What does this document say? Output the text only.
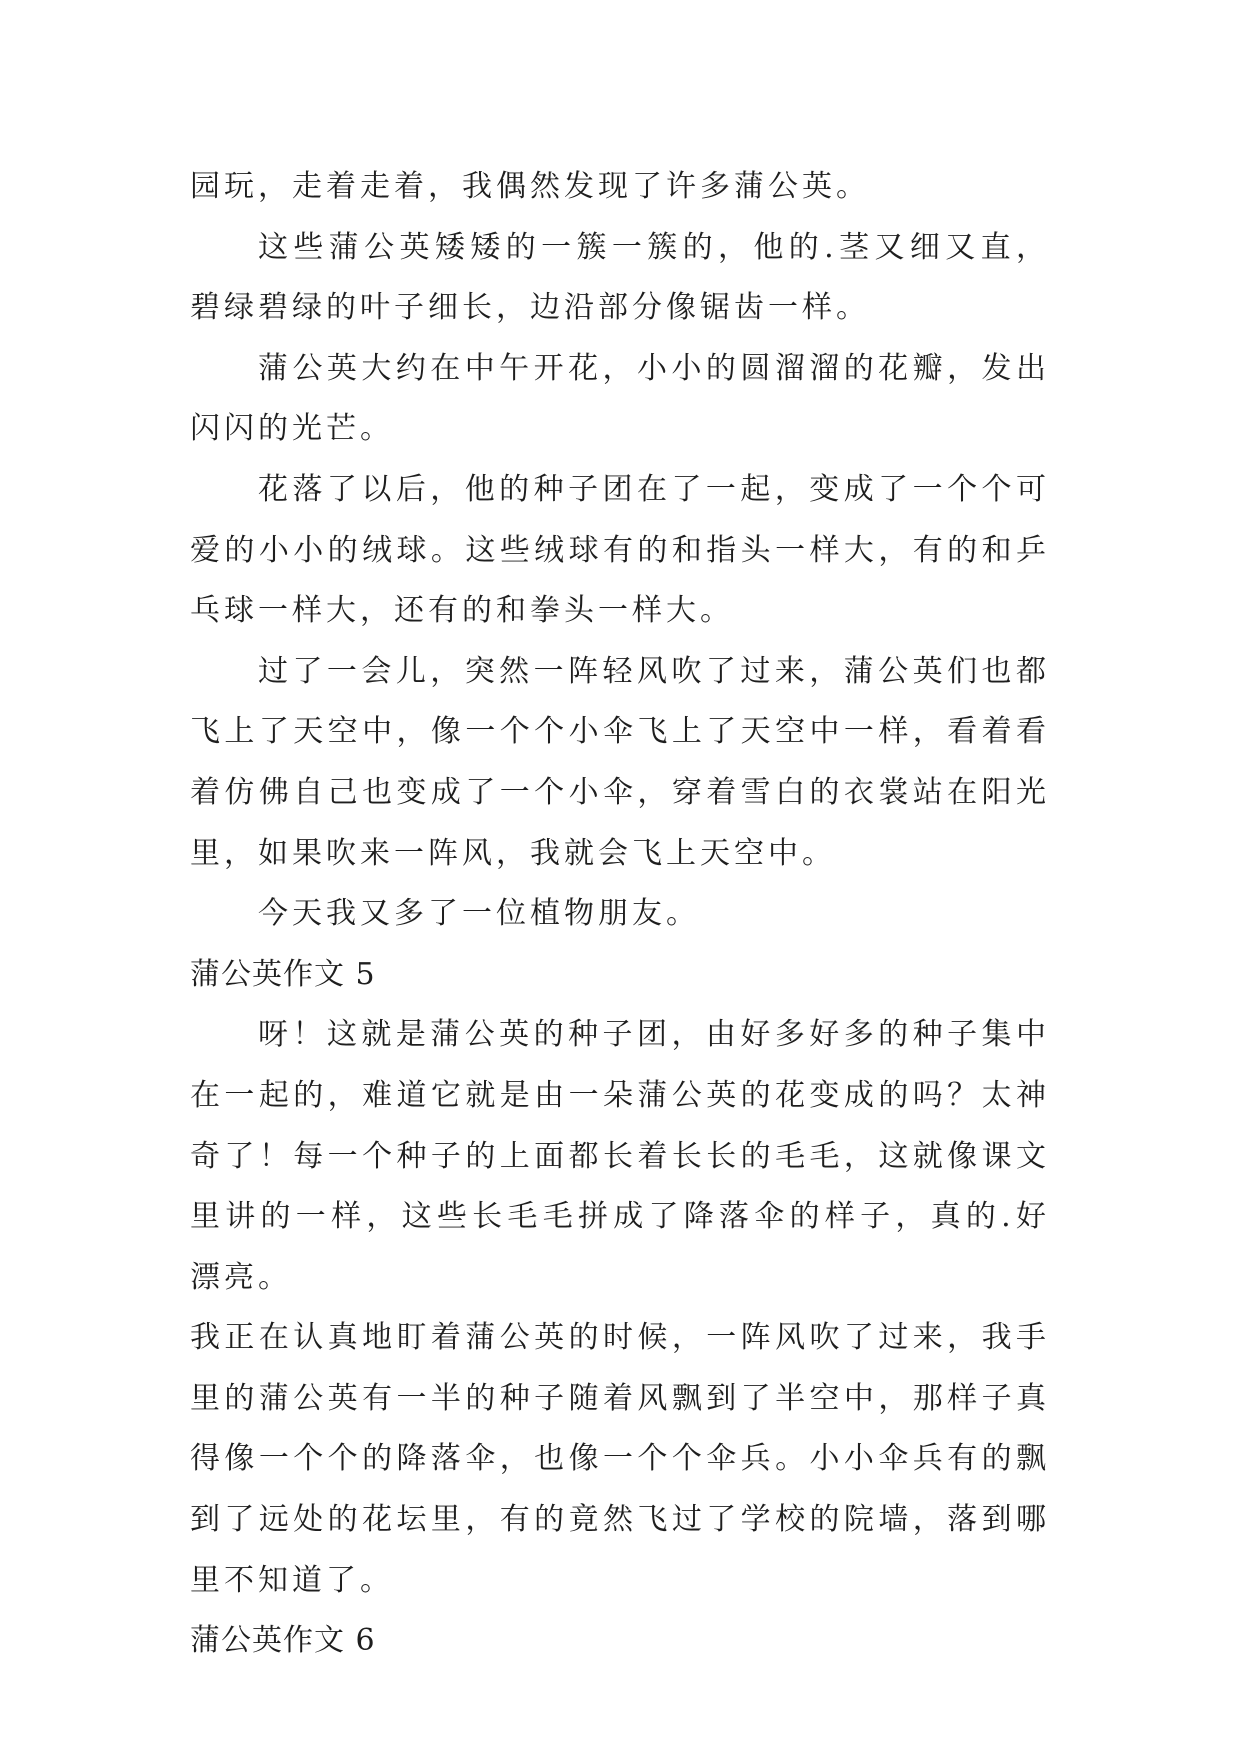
园玩，走着走着，我偶然发现了许多蒲公英。

这些蒲公英矮矮的一簇一簇的，他的.茎又细又直，碧绿碧绿的叶子细长，边沿部分像锯齿一样。

蒲公英大约在中午开花，小小的圆溜溜的花瓣，发出闪闪的光芒。

花落了以后，他的种子团在了一起，变成了一个个可爱的小小的绒球。这些绒球有的和指头一样大，有的和乒乓球一样大，还有的和拳头一样大。

过了一会儿，突然一阵轻风吹了过来，蒲公英们也都飞上了天空中，像一个个小伞飞上了天空中一样，看着看着仿佛自己也变成了一个小伞，穿着雪白的衣裳站在阳光里，如果吹来一阵风，我就会飞上天空中。

今天我又多了一位植物朋友。

蒲公英作文 5

呀！这就是蒲公英的种子团，由好多好多的种子集中在一起的，难道它就是由一朵蒲公英的花变成的吗？太神奇了！每一个种子的上面都长着长长的毛毛，这就像课文里讲的一样，这些长毛毛拼成了降落伞的样子，真的.好漂亮。

我正在认真地盯着蒲公英的时候，一阵风吹了过来，我手里的蒲公英有一半的种子随着风飘到了半空中，那样子真得像一个个的降落伞，也像一个个伞兵。小小伞兵有的飘到了远处的花坛里，有的竟然飞过了学校的院墙，落到哪里不知道了。

蒲公英作文 6
